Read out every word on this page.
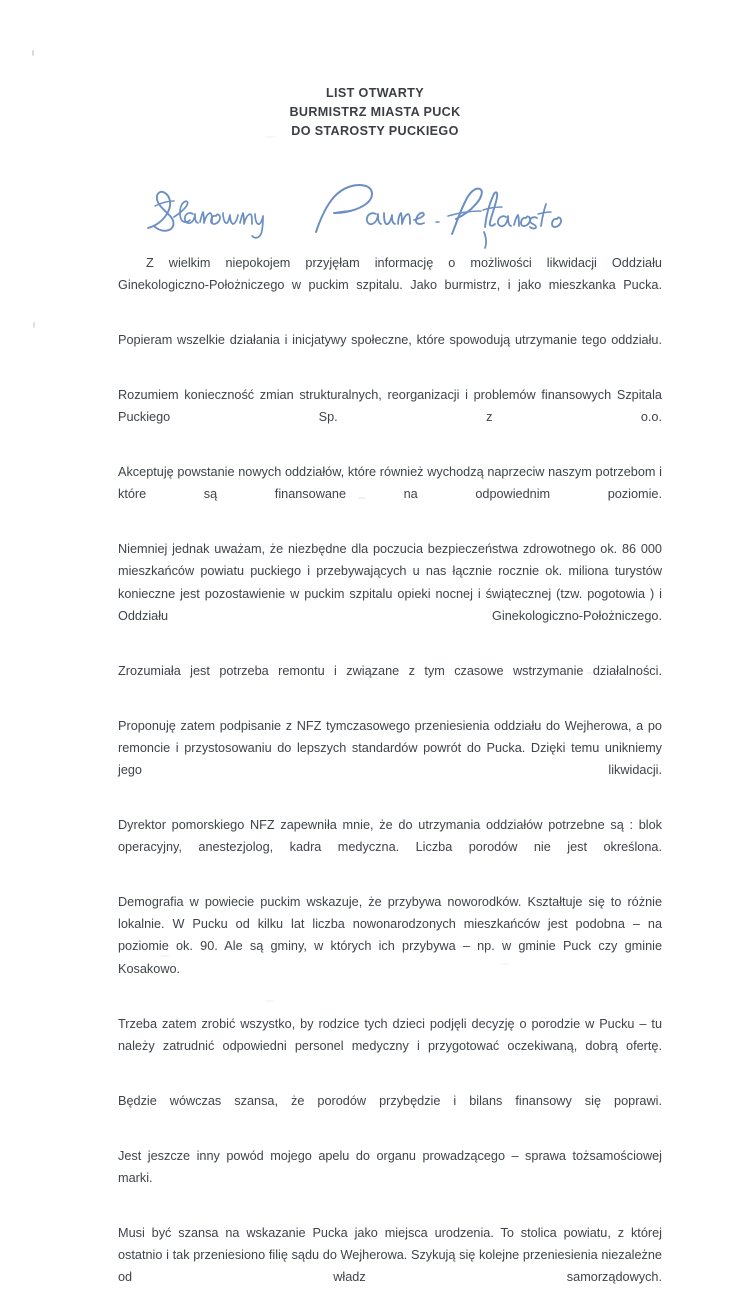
LIST OTWARTY
BURMISTRZ MIASTA PUCK
DO STAROSTY PUCKIEGO

Z wielkim niepokojem przyjęłam informację o możliwości likwidacji Oddziału Ginekologiczno-Położniczego w puckim szpitalu. Jako burmistrz, i jako mieszkanka Pucka.

Popieram wszelkie działania i inicjatywy społeczne, które spowodują utrzymanie tego oddziału.

Rozumiem konieczność zmian strukturalnych, reorganizacji i problemów finansowych Szpitala Puckiego Sp. z o.o.

Akceptuję powstanie nowych oddziałów, które również wychodzą naprzeciw naszym potrzebom i które są finansowane na odpowiednim poziomie.

Niemniej jednak uważam, że niezbędne dla poczucia bezpieczeństwa zdrowotnego ok. 86 000 mieszkańców powiatu puckiego i przebywających u nas łącznie rocznie ok. miliona turystów konieczne jest pozostawienie w puckim szpitalu opieki nocnej i świątecznej (tzw. pogotowia ) i Oddziału Ginekologiczno-Położniczego.

Zrozumiała jest potrzeba remontu i związane z tym czasowe wstrzymanie działalności.

Proponuję zatem podpisanie z NFZ tymczasowego przeniesienia oddziału do Wejherowa, a po remoncie i przystosowaniu do lepszych standardów powrót do Pucka. Dzięki temu unikniemy jego likwidacji.

Dyrektor pomorskiego NFZ zapewniła mnie, że do utrzymania oddziałów potrzebne są : blok operacyjny, anestezjolog, kadra medyczna. Liczba porodów nie jest określona.

Demografia w powiecie puckim wskazuje, że przybywa noworodków. Kształtuje się to różnie lokalnie. W Pucku od kilku lat liczba nowonarodzonych mieszkańców jest podobna – na poziomie ok. 90. Ale są gminy, w których ich przybywa – np. w gminie Puck czy gminie Kosakowo.

Trzeba zatem zrobić wszystko, by rodzice tych dzieci podjęli decyzję o porodzie w Pucku – tu należy zatrudnić odpowiedni personel medyczny i przygotować oczekiwaną, dobrą ofertę.

Będzie wówczas szansa, że porodów przybędzie i bilans finansowy się poprawi.

Jest jeszcze inny powód mojego apelu do organu prowadzącego – sprawa tożsamościowej marki.

Musi być szansa na wskazanie Pucka jako miejsca urodzenia. To stolica powiatu, z której ostatnio i tak przeniesiono filię sądu do Wejherowa. Szykują się kolejne przeniesienia niezależne od władz samorządowych.
